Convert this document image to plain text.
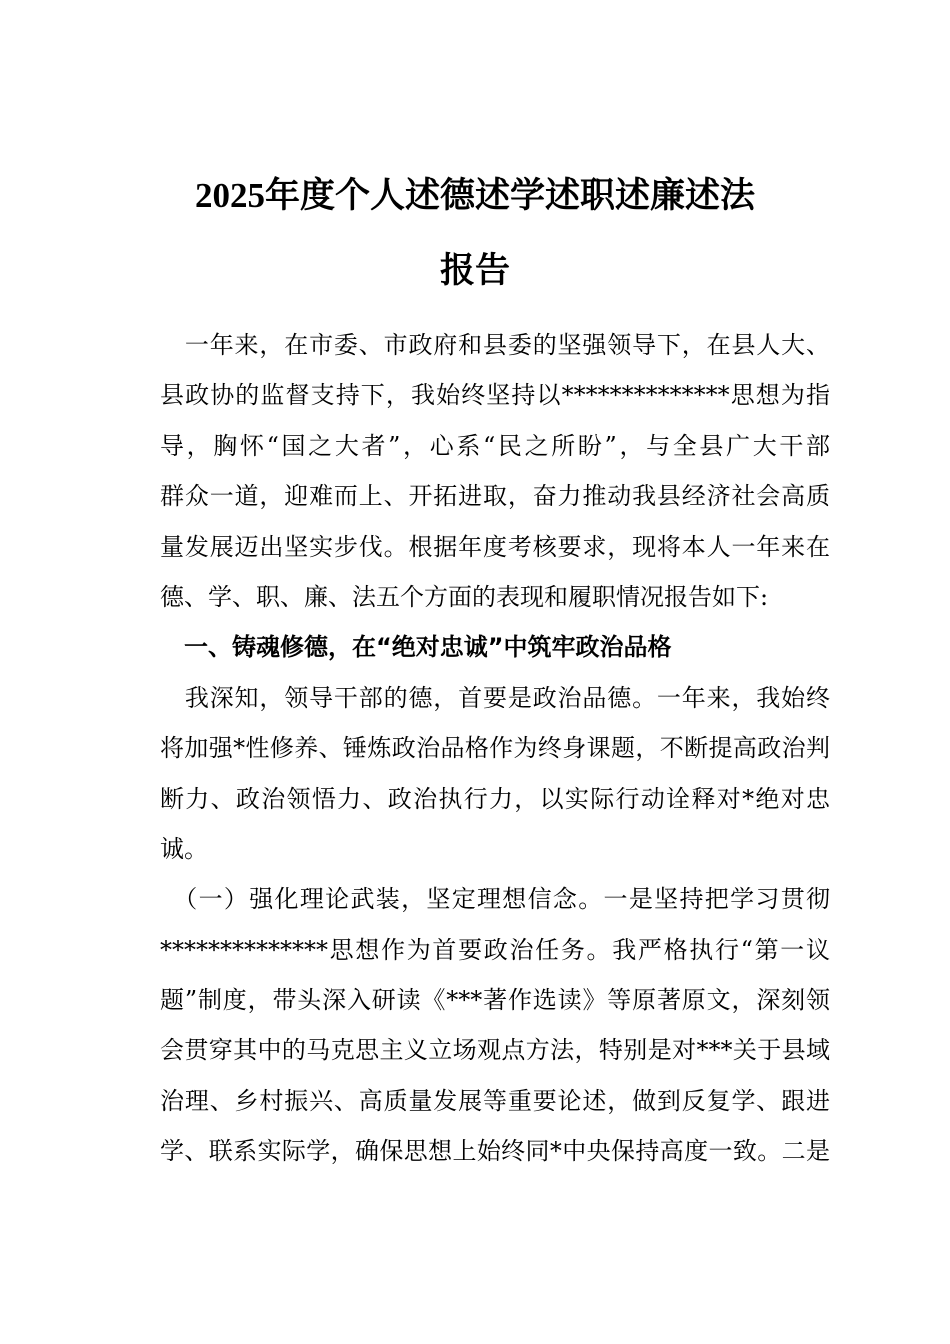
2025年度个人述德述学述职述廉述法
报告
　一年来，在市委、市政府和县委的坚强领导下，在县人大、
县政协的监督支持下，我始终坚持以**************思想为指
导，胸怀“国之大者”，心系“民之所盼”，与全县广大干部
群众一道，迎难而上、开拓进取，奋力推动我县经济社会高质
量发展迈出坚实步伐。根据年度考核要求，现将本人一年来在
德、学、职、廉、法五个方面的表现和履职情况报告如下:
　一、铸魂修德，在“绝对忠诚”中筑牢政治品格
　我深知，领导干部的德，首要是政治品德。一年来，我始终
将加强*性修养、锤炼政治品格作为终身课题，不断提高政治判
断力、政治领悟力、政治执行力，以实际行动诠释对*绝对忠
诚。
　（一）强化理论武装，坚定理想信念。一是坚持把学习贯彻
**************思想作为首要政治任务。我严格执行“第一议
题”制度，带头深入研读《***著作选读》等原著原文，深刻领
会贯穿其中的马克思主义立场观点方法，特别是对***关于县域
治理、乡村振兴、高质量发展等重要论述，做到反复学、跟进
学、联系实际学，确保思想上始终同*中央保持高度一致。二是
